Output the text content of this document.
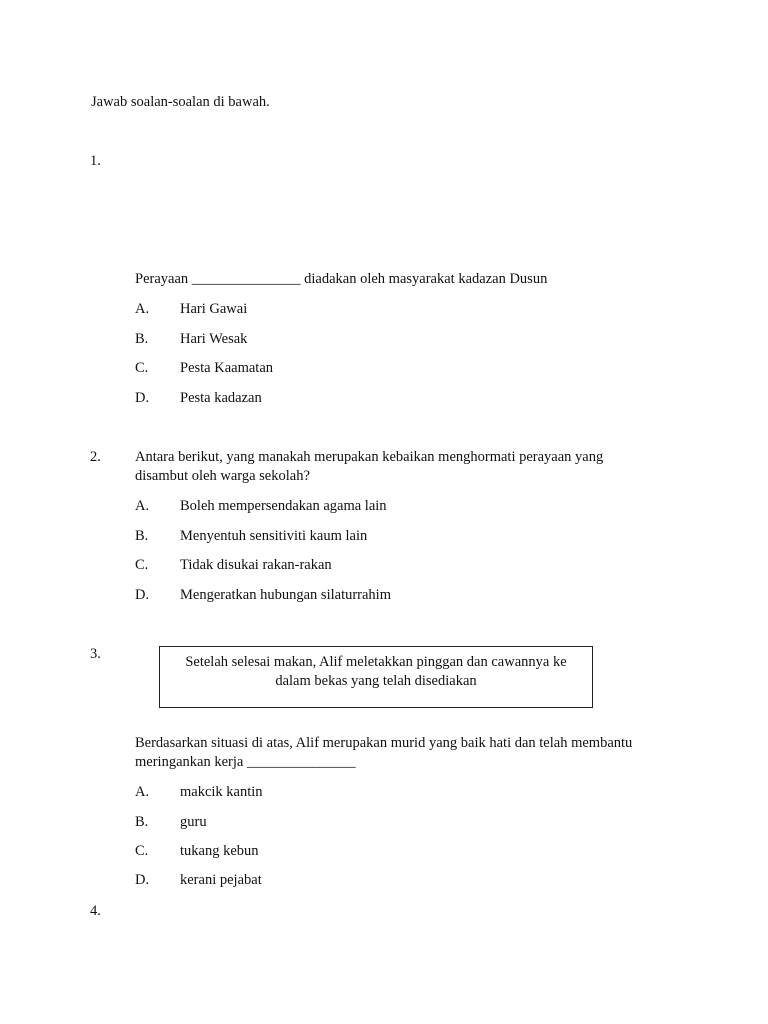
Jawab soalan-soalan di bawah.
1.
Perayaan _______________ diadakan oleh masyarakat kadazan Dusun
A. Hari Gawai
B. Hari Wesak
C. Pesta Kaamatan
D. Pesta kadazan
2. Antara berikut, yang manakah merupakan kebaikan menghormati perayaan yang
disambut oleh warga sekolah?
A. Boleh mempersendakan agama lain
B. Menyentuh sensitiviti kaum lain
C. Tidak disukai rakan-rakan
D. Mengeratkan hubungan silaturrahim
3.	Setelah selesai makan, Alif meletakkan pinggan dan cawannya ke
dalam bekas yang telah disediakan
Berdasarkan situasi di atas, Alif merupakan murid yang baik hati dan telah membantu
meringankan kerja _______________
A. makcik kantin
B. guru
C. tukang kebun
D. kerani pejabat
4.
